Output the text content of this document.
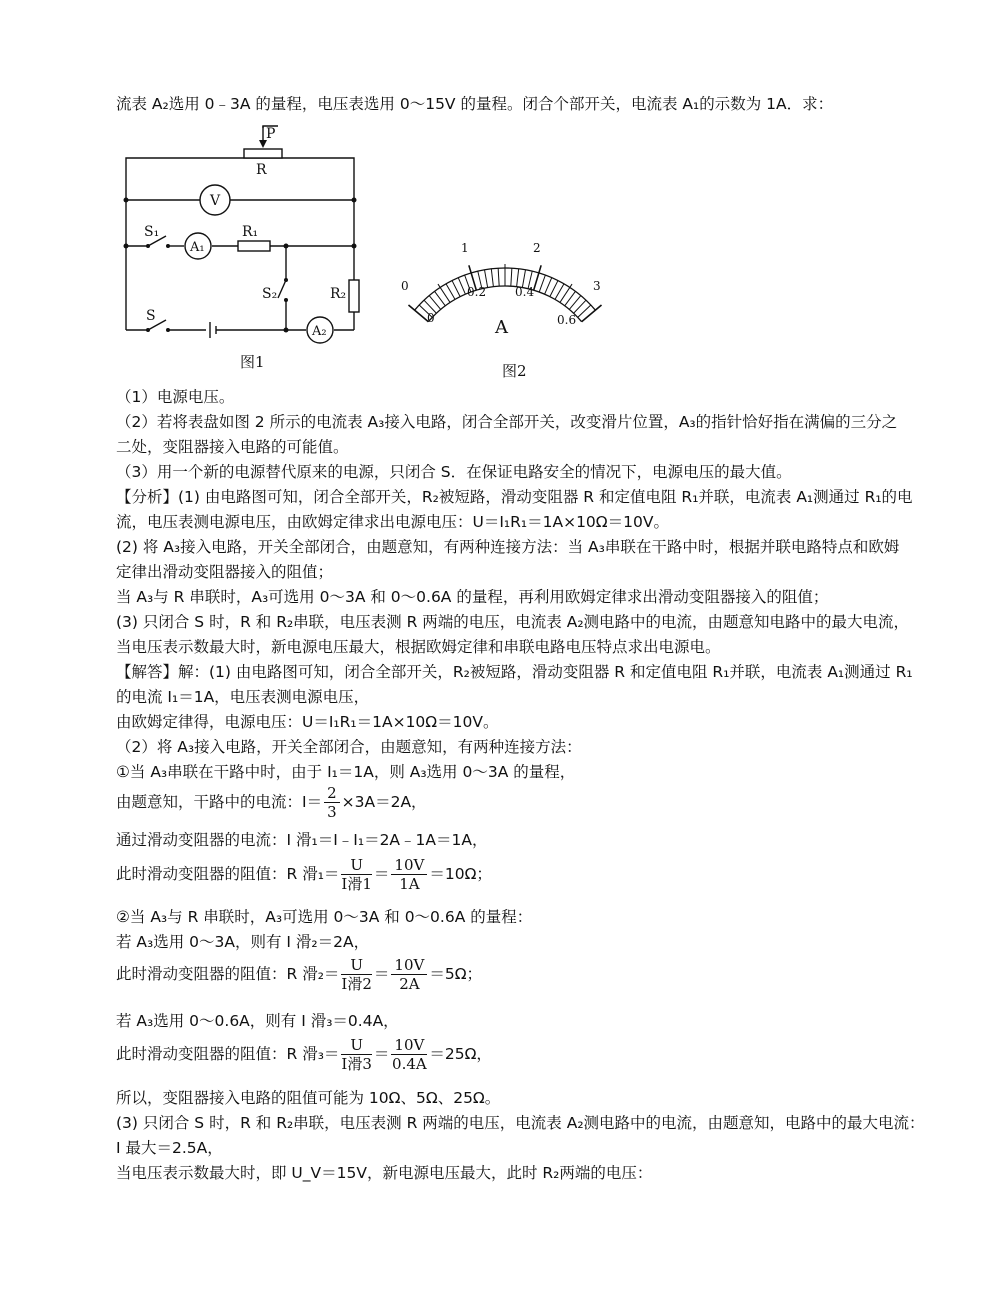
流表 A₂选用 0﹣3A 的量程，电压表选用 0～15V 的量程。闭合个部开关，电流表 A₁的示数为 1A．求：
P
R
V
S₁
A₁
R₁
S₂	R₂
S
A₂
图1
0
1	2
3
0
0.2 0.4
0.6
A
图2
（1）电源电压。
（2）若将表盘如图 2 所示的电流表 A₃接入电路，闭合全部开关，改变滑片位置，A₃的指针恰好指在满偏的三分之
二处，变阻器接入电路的可能值。
（3）用一个新的电源替代原来的电源，只闭合 S．在保证电路安全的情况下，电源电压的最大值。
【分析】(1) 由电路图可知，闭合全部开关，R₂被短路，滑动变阻器 R 和定值电阻 R₁并联，电流表 A₁测通过 R₁的电
流，电压表测电源电压，由欧姆定律求出电源电压：U＝I₁R₁＝1A×10Ω＝10V。
(2) 将 A₃接入电路，开关全部闭合，由题意知，有两种连接方法：当 A₃串联在干路中时，根据并联电路特点和欧姆
定律出滑动变阻器接入的阻值；
当 A₃与 R 串联时，A₃可选用 0～3A 和 0～0.6A 的量程，再利用欧姆定律求出滑动变阻器接入的阻值；
(3) 只闭合 S 时，R 和 R₂串联，电压表测 R 两端的电压，电流表 A₂测电路中的电流，由题意知电路中的最大电流，
当电压表示数最大时，新电源电压最大，根据欧姆定律和串联电路电压特点求出电源电。
【解答】解：(1) 由电路图可知，闭合全部开关，R₂被短路，滑动变阻器 R 和定值电阻 R₁并联，电流表 A₁测通过 R₁
的电流 I₁＝1A，电压表测电源电压，
由欧姆定律得，电源电压：U＝I₁R₁＝1A×10Ω＝10V。
（2）将 A₃接入电路，开关全部闭合，由题意知，有两种连接方法：
①当 A₃串联在干路中时，由于 I₁＝1A，则 A₃选用 0～3A 的量程，
由题意知，干路中的电流：$I= \frac{2}{3} \times 3A=2A$，
通过滑动变阻器的电流：I 滑₁＝I﹣I₁＝2A﹣1A＝1A，
此时滑动变阻器的阻值：R 滑$_1= \frac{U}{\text{I滑1}} = \frac{10V}{1A} =10\Omega$；
②当 A₃与 R 串联时，A₃可选用 0～3A 和 0～0.6A 的量程：
若 A₃选用 0～3A，则有 I 滑₂＝2A，
此时滑动变阻器的阻值：R 滑$_2= \frac{U}{\text{I滑2}} = \frac{10V}{2A} =5\Omega$；
若 A₃选用 0～0.6A，则有 I 滑₃＝0.4A，
此时滑动变阻器的阻值：R 滑$_3= \frac{U}{\text{I滑3}} = \frac{10V}{0.4A} =25\Omega$，
所以，变阻器接入电路的阻值可能为 10Ω、5Ω、25Ω。
(3) 只闭合 S 时，R 和 R₂串联，电压表测 R 两端的电压，电流表 A₂测电路中的电流，由题意知，电路中的最大电流：
I 最大＝2.5A，
当电压表示数最大时，即 U_V＝15V，新电源电压最大，此时 R₂两端的电压：
